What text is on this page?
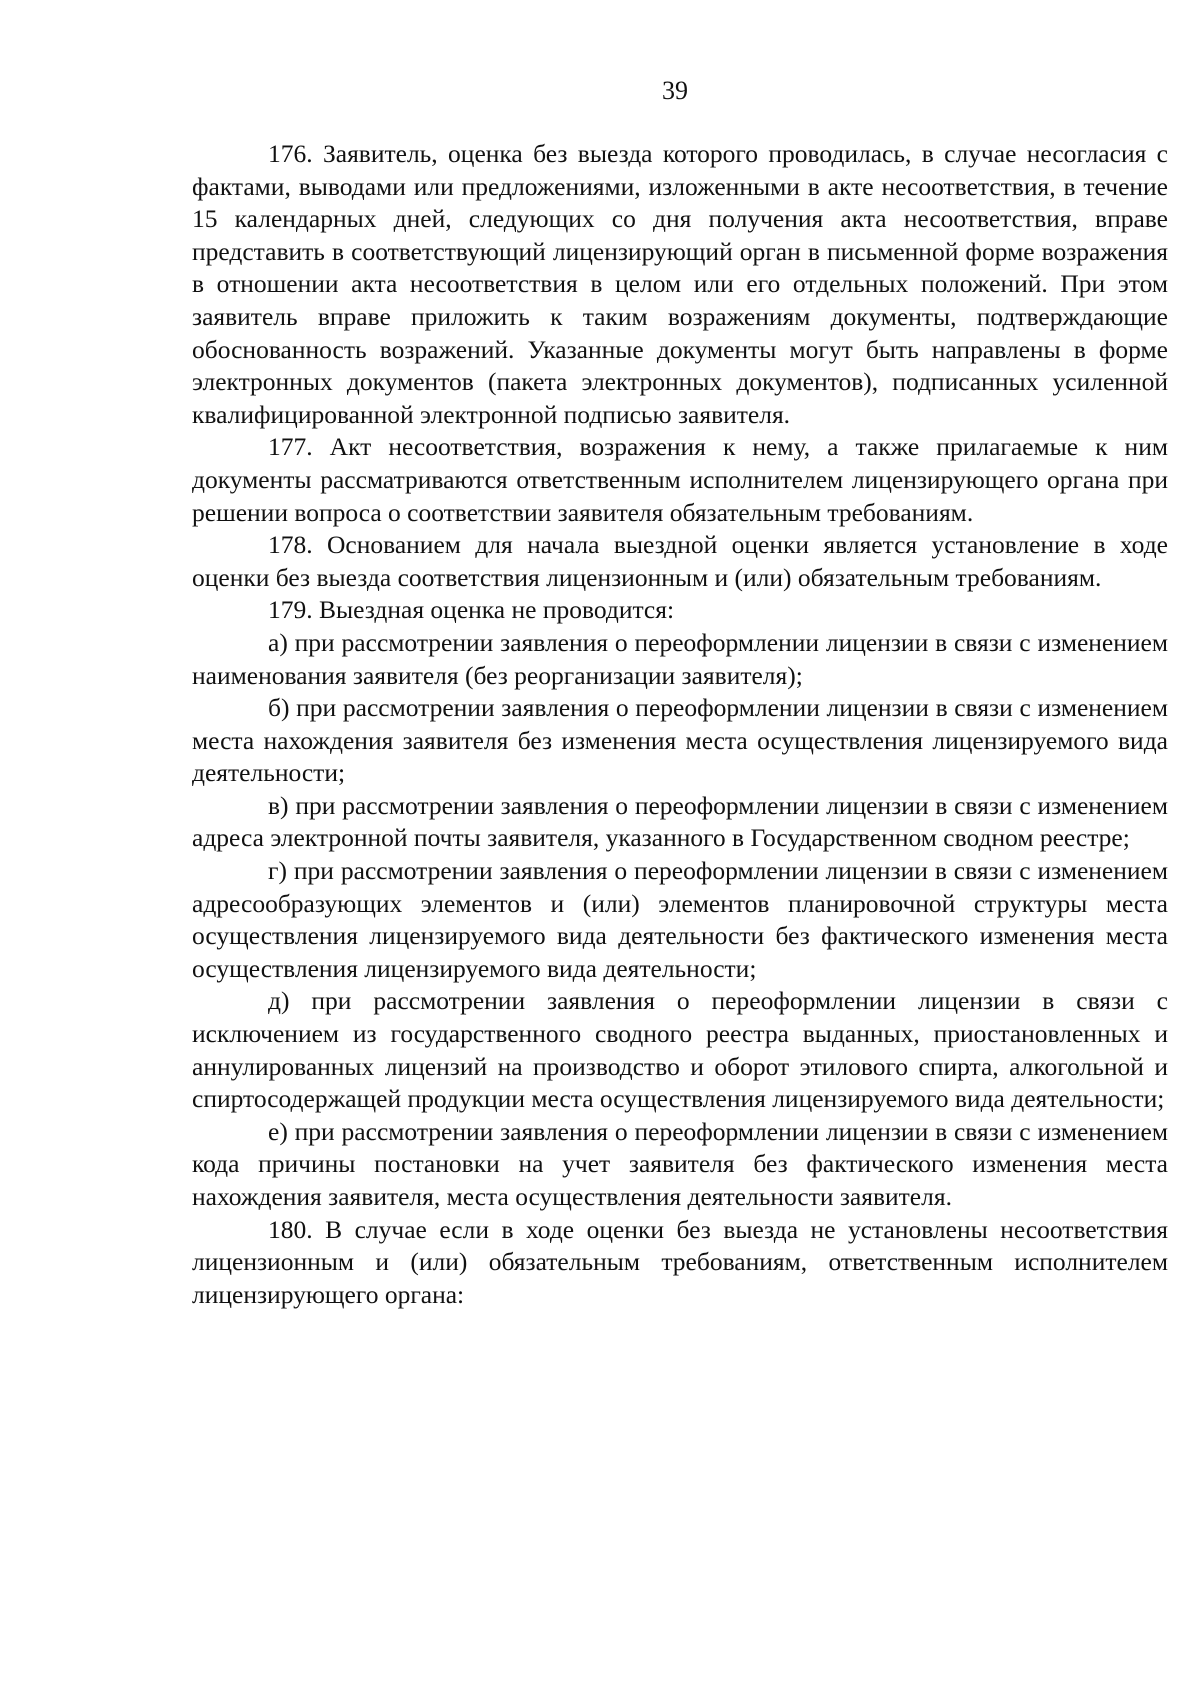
39

176. Заявитель, оценка без выезда которого проводилась, в случае несогласия с фактами, выводами или предложениями, изложенными в акте несоответствия, в течение 15 календарных дней, следующих со дня получения акта несоответствия, вправе представить в соответствующий лицензирующий орган в письменной форме возражения в отношении акта несоответствия в целом или его отдельных положений. При этом заявитель вправе приложить к таким возражениям документы, подтверждающие обоснованность возражений. Указанные документы могут быть направлены в форме электронных документов (пакета электронных документов), подписанных усиленной квалифицированной электронной подписью заявителя.

177. Акт несоответствия, возражения к нему, а также прилагаемые к ним документы рассматриваются ответственным исполнителем лицензирующего органа при решении вопроса о соответствии заявителя обязательным требованиям.

178. Основанием для начала выездной оценки является установление в ходе оценки без выезда соответствия лицензионным и (или) обязательным требованиям.

179. Выездная оценка не проводится:

а) при рассмотрении заявления о переоформлении лицензии в связи с изменением наименования заявителя (без реорганизации заявителя);

б) при рассмотрении заявления о переоформлении лицензии в связи с изменением места нахождения заявителя без изменения места осуществления лицензируемого вида деятельности;

в) при рассмотрении заявления о переоформлении лицензии в связи с изменением адреса электронной почты заявителя, указанного в Государственном сводном реестре;

г) при рассмотрении заявления о переоформлении лицензии в связи с изменением адресообразующих элементов и (или) элементов планировочной структуры места осуществления лицензируемого вида деятельности без фактического изменения места осуществления лицензируемого вида деятельности;

д) при рассмотрении заявления о переоформлении лицензии в связи с исключением из государственного сводного реестра выданных, приостановленных и аннулированных лицензий на производство и оборот этилового спирта, алкогольной и спиртосодержащей продукции места осуществления лицензируемого вида деятельности;

е) при рассмотрении заявления о переоформлении лицензии в связи с изменением кода причины постановки на учет заявителя без фактического изменения места нахождения заявителя, места осуществления деятельности заявителя.

180. В случае если в ходе оценки без выезда не установлены несоответствия лицензионным и (или) обязательным требованиям, ответственным исполнителем лицензирующего органа:
